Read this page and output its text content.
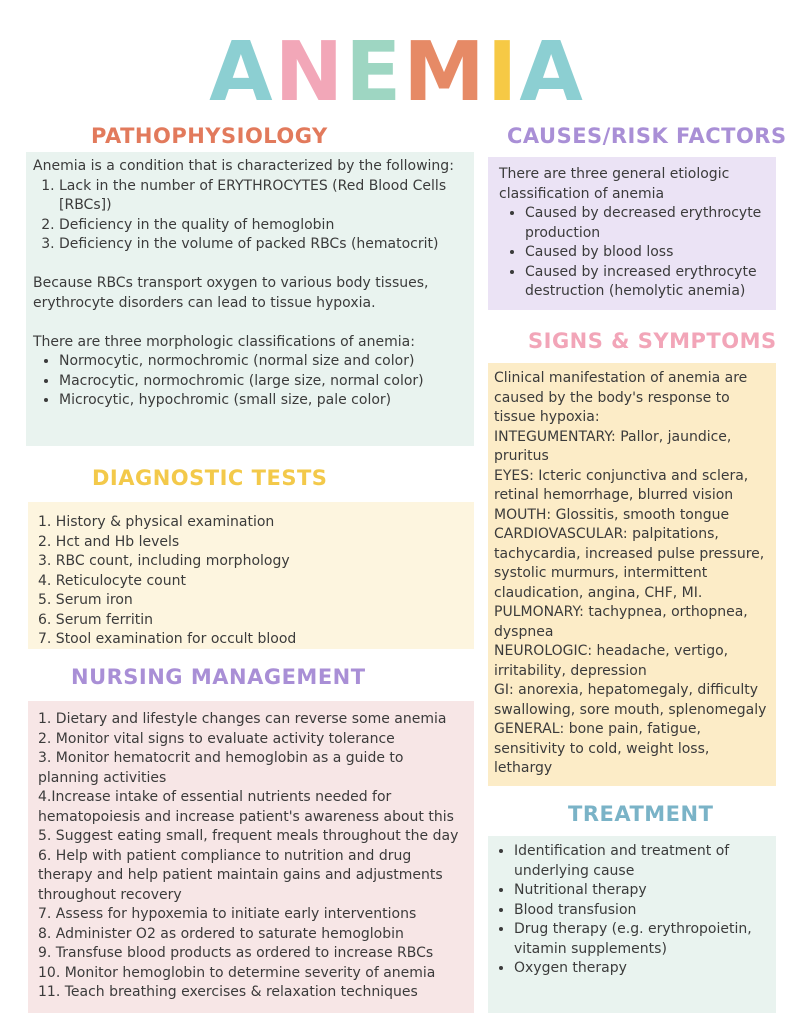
ANEMIA
PATHOPHYSIOLOGY

Anemia is a condition that is characterized by the following:

1. Lack in the number of ERYTHROCYTES (Red Blood Cells [RBCs])
2. Deficiency in the quality of hemoglobin
3. Deficiency in the volume of packed RBCs (hematocrit)

Because RBCs transport oxygen to various body tissues, erythrocyte disorders can lead to tissue hypoxia.

There are three morphologic classifications of anemia:

• Normocytic, normochromic (normal size and color)
• Macrocytic, normochromic (large size, normal color)
• Microcytic, hypochromic (small size, pale color)
CAUSES/RISK FACTORS

There are three general etiologic classification of anemia

• Caused by decreased erythrocyte production
• Caused by blood loss
• Caused by increased erythrocyte destruction (hemolytic anemia)
SIGNS & SYMPTOMS

Clinical manifestation of anemia are caused by the body's response to tissue hypoxia:

INTEGUMENTARY: Pallor, jaundice, pruritus

EYES: Icteric conjunctiva and sclera, retinal hemorrhage, blurred vision

MOUTH: Glossitis, smooth tongue

CARDIOVASCULAR: palpitations, tachycardia, increased pulse pressure, systolic murmurs, intermittent claudication, angina, CHF, MI.

PULMONARY: tachypnea, orthopnea, dyspnea

NEUROLOGIC: headache, vertigo, irritability, depression

GI: anorexia, hepatomegaly, difficulty swallowing, sore mouth, splenomegaly

GENERAL: bone pain, fatigue, sensitivity to cold, weight loss, lethargy

DIAGNOSTIC TESTS

1. History & physical examination

2. Hct and Hb levels

3. RBC count, including morphology

4. Reticulocyte count

5. Serum iron

6. Serum ferritin

7. Stool examination for occult blood

NURSING MANAGEMENT

1. Dietary and lifestyle changes can reverse some anemia

2. Monitor vital signs to evaluate activity tolerance

3. Monitor hematocrit and hemoglobin as a guide to planning activities

4.Increase intake of essential nutrients needed for hematopoiesis and increase patient's awareness about this

5. Suggest eating small, frequent meals throughout the day

6. Help with patient compliance to nutrition and drug therapy and help patient maintain gains and adjustments throughout recovery

7. Assess for hypoxemia to initiate early interventions

8. Administer O2 as ordered to saturate hemoglobin

9. Transfuse blood products as ordered to increase RBCs

10. Monitor hemoglobin to determine severity of anemia

11. Teach breathing exercises & relaxation techniques

TREATMENT
• Identification and treatment of underlying cause
• Nutritional therapy
• Blood transfusion
• Drug therapy (e.g. erythropoietin, vitamin supplements)
• Oxygen therapy
